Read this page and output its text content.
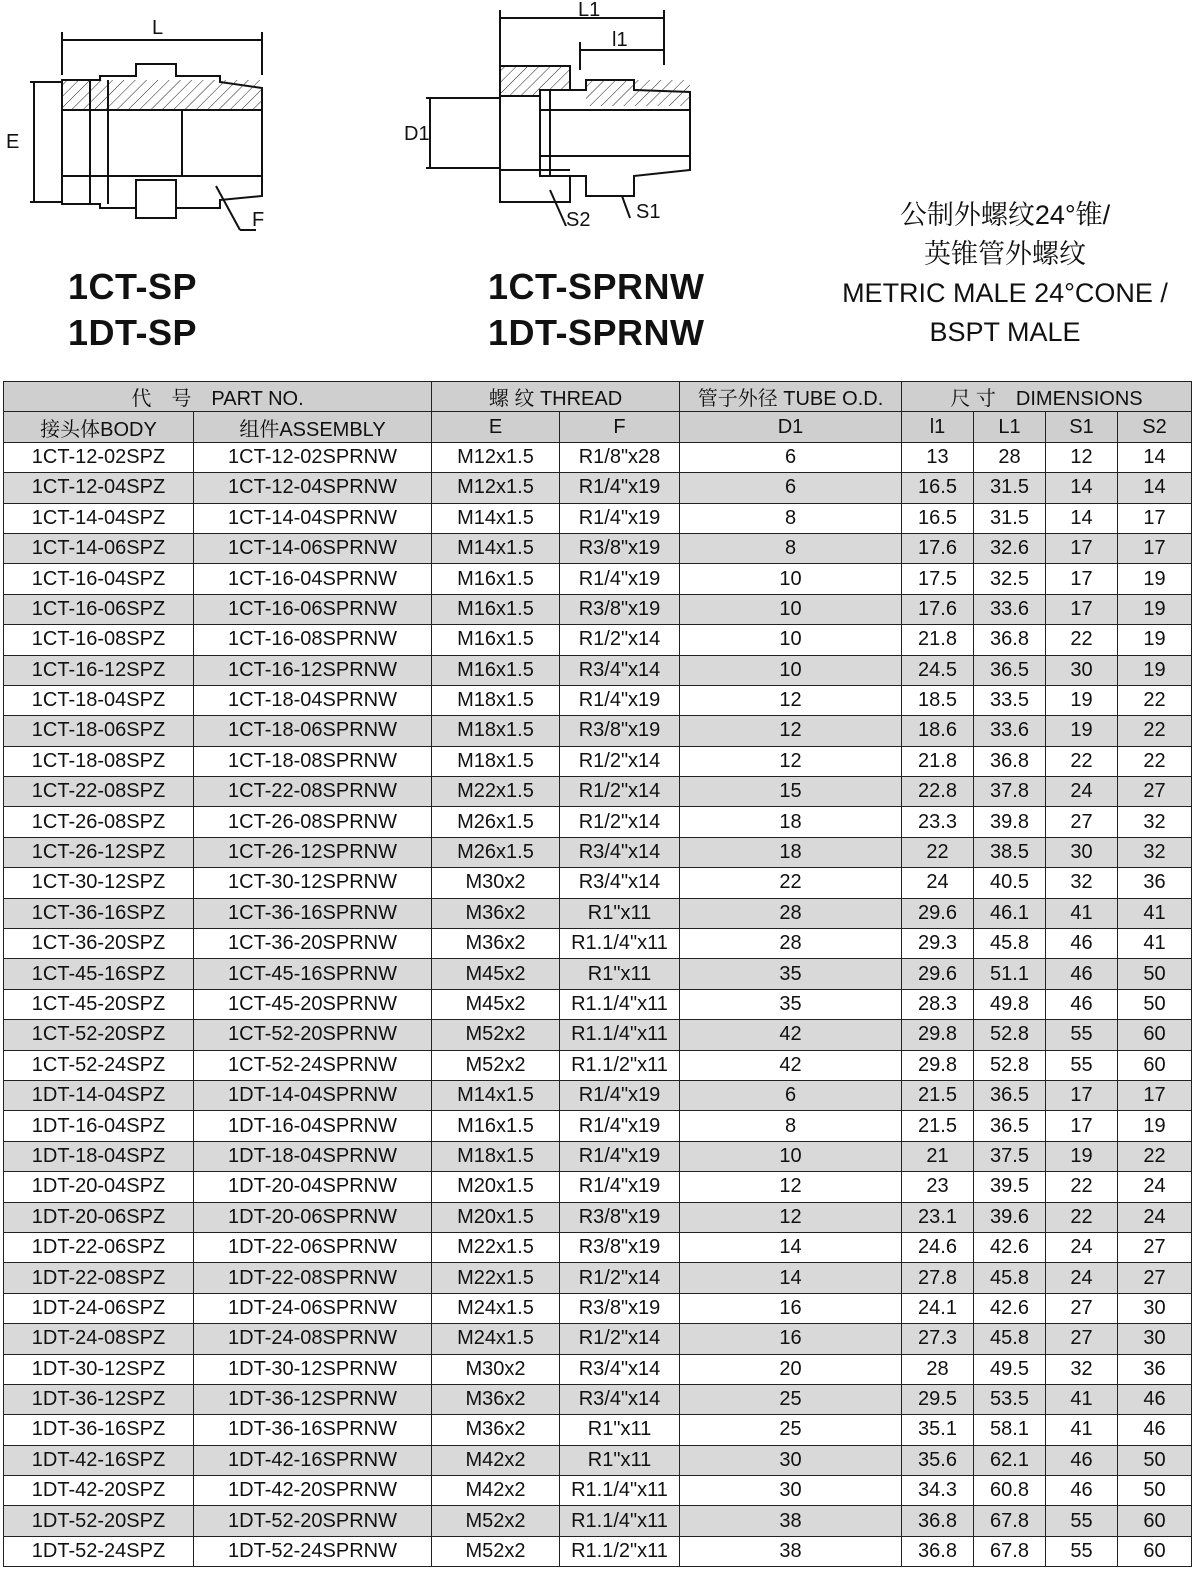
L
E
F
L1
l1
D1
S2 S1
1CT-SP
1DT-SP
1CT-SPRNW
1DT-SPRNW
公制外螺纹24°锥/
英锥管外螺纹
METRIC MALE 24°CONE /
BSPT MALE
代　号　PART NO.		螺 纹 THREAD		管子外径 TUBE O.D.	尺 寸　DIMENSIONS			
接头体BODY	组件ASSEMBLY	E	F	D1	l1	L1	S1	S2
1CT-12-02SPZ	1CT-12-02SPRNW	M12x1.5	R1/8"x28	6	13	28	12	14
1CT-12-04SPZ	1CT-12-04SPRNW	M12x1.5	R1/4"x19	6	16.5	31.5	14	14
1CT-14-04SPZ	1CT-14-04SPRNW	M14x1.5	R1/4"x19	8	16.5	31.5	14	17
1CT-14-06SPZ	1CT-14-06SPRNW	M14x1.5	R3/8"x19	8	17.6	32.6	17	17
1CT-16-04SPZ	1CT-16-04SPRNW	M16x1.5	R1/4"x19	10	17.5	32.5	17	19
1CT-16-06SPZ	1CT-16-06SPRNW	M16x1.5	R3/8"x19	10	17.6	33.6	17	19
1CT-16-08SPZ	1CT-16-08SPRNW	M16x1.5	R1/2"x14	10	21.8	36.8	22	19
1CT-16-12SPZ	1CT-16-12SPRNW	M16x1.5	R3/4"x14	10	24.5	36.5	30	19
1CT-18-04SPZ	1CT-18-04SPRNW	M18x1.5	R1/4"x19	12	18.5	33.5	19	22
1CT-18-06SPZ	1CT-18-06SPRNW	M18x1.5	R3/8"x19	12	18.6	33.6	19	22
1CT-18-08SPZ	1CT-18-08SPRNW	M18x1.5	R1/2"x14	12	21.8	36.8	22	22
1CT-22-08SPZ	1CT-22-08SPRNW	M22x1.5	R1/2"x14	15	22.8	37.8	24	27
1CT-26-08SPZ	1CT-26-08SPRNW	M26x1.5	R1/2"x14	18	23.3	39.8	27	32
1CT-26-12SPZ	1CT-26-12SPRNW	M26x1.5	R3/4"x14	18	22	38.5	30	32
1CT-30-12SPZ	1CT-30-12SPRNW	M30x2	R3/4"x14	22	24	40.5	32	36
1CT-36-16SPZ	1CT-36-16SPRNW	M36x2	R1"x11	28	29.6	46.1	41	41
1CT-36-20SPZ	1CT-36-20SPRNW	M36x2	R1.1/4"x11	28	29.3	45.8	46	41
1CT-45-16SPZ	1CT-45-16SPRNW	M45x2	R1"x11	35	29.6	51.1	46	50
1CT-45-20SPZ	1CT-45-20SPRNW	M45x2	R1.1/4"x11	35	28.3	49.8	46	50
1CT-52-20SPZ	1CT-52-20SPRNW	M52x2	R1.1/4"x11	42	29.8	52.8	55	60
1CT-52-24SPZ	1CT-52-24SPRNW	M52x2	R1.1/2"x11	42	29.8	52.8	55	60
1DT-14-04SPZ	1DT-14-04SPRNW	M14x1.5	R1/4"x19	6	21.5	36.5	17	17
1DT-16-04SPZ	1DT-16-04SPRNW	M16x1.5	R1/4"x19	8	21.5	36.5	17	19
1DT-18-04SPZ	1DT-18-04SPRNW	M18x1.5	R1/4"x19	10	21	37.5	19	22
1DT-20-04SPZ	1DT-20-04SPRNW	M20x1.5	R1/4"x19	12	23	39.5	22	24
1DT-20-06SPZ	1DT-20-06SPRNW	M20x1.5	R3/8"x19	12	23.1	39.6	22	24
1DT-22-06SPZ	1DT-22-06SPRNW	M22x1.5	R3/8"x19	14	24.6	42.6	24	27
1DT-22-08SPZ	1DT-22-08SPRNW	M22x1.5	R1/2"x14	14	27.8	45.8	24	27
1DT-24-06SPZ	1DT-24-06SPRNW	M24x1.5	R3/8"x19	16	24.1	42.6	27	30
1DT-24-08SPZ	1DT-24-08SPRNW	M24x1.5	R1/2"x14	16	27.3	45.8	27	30
1DT-30-12SPZ	1DT-30-12SPRNW	M30x2	R3/4"x14	20	28	49.5	32	36
1DT-36-12SPZ	1DT-36-12SPRNW	M36x2	R3/4"x14	25	29.5	53.5	41	46
1DT-36-16SPZ	1DT-36-16SPRNW	M36x2	R1"x11	25	35.1	58.1	41	46
1DT-42-16SPZ	1DT-42-16SPRNW	M42x2	R1"x11	30	35.6	62.1	46	50
1DT-42-20SPZ	1DT-42-20SPRNW	M42x2	R1.1/4"x11	30	34.3	60.8	46	50
1DT-52-20SPZ	1DT-52-20SPRNW	M52x2	R1.1/4"x11	38	36.8	67.8	55	60
1DT-52-24SPZ	1DT-52-24SPRNW	M52x2	R1.1/2"x11	38	36.8	67.8	55	60
